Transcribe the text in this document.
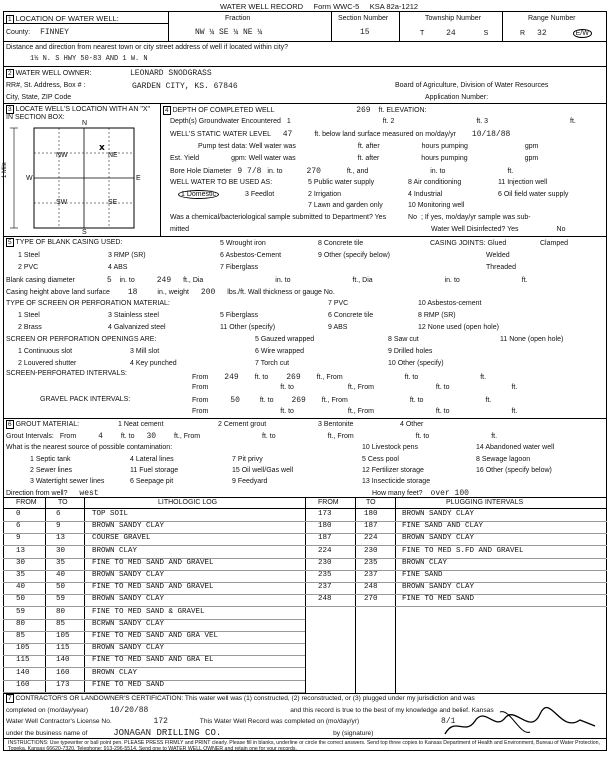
WATER WELL RECORD Form WWC-5 KSA 82a-1212
1 LOCATION OF WATER WELL:
County: FINNEY
Fraction
NW ¼ SE ¼ NE ¼
Section Number
15
Township Number
T	24	S
Range Number
R 32	E/W
Distance and direction from nearest town or city street address of well if located within city?
1½ N. S HWY 50-83 AND 1 W. N
2 WATER WELL OWNER:	LEONARD SNODGRASS
RR#, St. Address, Box # :	GARDEN CITY, KS. 67846
City, State, ZIP Code
Board of Agriculture, Division of Water Resources
Application Number:
3 LOCATE WELL'S LOCATION WITH AN "X" IN SECTION BOX:
x
N
S
W	E
NW	NE
SW	SE
1 Mile
4 DEPTH OF COMPLETED WELL	269 ft. ELEVATION:
Depth(s) Groundwater Encountered 1	ft. 2	ft. 3	ft.
WELL'S STATIC WATER LEVEL 47	ft. below land surface measured on mo/day/yr 10/18/88
Pump test data: Well water was	ft. after	hours pumping	gpm
Est. Yield	gpm: Well water was	ft. after	hours pumping	gpm
Bore Hole Diameter 9 7/8 in. to	270	ft., and	in. to	ft.
WELL WATER TO BE USED AS:	5 Public water supply	8 Air conditioning	11 Injection well
1 Domestic	3 Feedlot	2 Irrigation	4 Industrial	6 Oil field water supply
7 Lawn and garden only	10 Monitoring well
Was a chemical/bacteriological sample submitted to Department? Yes	No ; If yes, mo/day/yr sample was sub-
mitted	Water Well Disinfected? Yes	No
5 TYPE OF BLANK CASING USED:	5 Wrought iron	8 Concrete tile	CASING JOINTS: Glued	Clamped
1 Steel	3 RMP (SR)
2 PVC	4 ABS
6 Asbestos-Cement	9 Other (specify below)
7 Fiberglass
Welded
Threaded
Blank casing diameter	5 in. to	249 ft., Dia	in. to	ft., Dia	in. to	ft.
Casing height above land surface 18	in., weight 200 lbs./ft. Wall thickness or gauge No.
TYPE OF SCREEN OR PERFORATION MATERIAL:	7 PVC	10 Asbestos-cement
1 Steel	3 Stainless steel	5 Fiberglass	6 Concrete tile	8 RMP (SR)
2 Brass	4 Galvanized steel	11 Other (specify)	9 ABS	12 None used (open hole)
SCREEN OR PERFORATION OPENINGS ARE:	5 Gauzed wrapped	8 Saw cut	11 None (open hole)
1 Continuous slot	3 Mill slot	6 Wire wrapped	9 Drilled holes
2 Louvered shutter	4 Key punched	7 Torch cut	10 Other (specify)
SCREEN-PERFORATED INTERVALS:
From 249 ft. to 269 ft., From	ft. to	ft.
From	ft. to	ft., From	ft. to	ft.
GRAVEL PACK INTERVALS:	From	50	ft. to 269 ft., From	ft. to	ft.
From	ft. to	ft., From	ft. to	ft.
6 GROUT MATERIAL:	1 Neat cement	2 Cement grout	3 Bentonite	4 Other
Grout Intervals: From	4	ft. to 30	ft., From	ft. to	ft., From	ft. to	ft.
What is the nearest source of possible contamination:	10 Livestock pens	14 Abandoned water well
1 Septic tank	4 Lateral lines	7 Pit privy	5 Cess pool	8 Sewage lagoon
2 Sewer lines	11 Fuel storage	15 Oil well/Gas well	12 Fertilizer storage	16 Other (specify below)
3 Watertight sewer lines	6 Seepage pit	9 Feedyard	13 Insecticide storage
Direction from well? west	How many feet? over 100
FROM	TO	LITHOLOGIC LOG	FROM	TO	PLUGGING INTERVALS
0	6	TOP SOIL
6	9	BROWN SANDY CLAY
9	13	COURSE GRAVEL
13	30	BROWN CLAY
30	35	FINE TO MED SAND AND GRAVEL
35	40	BROWN SANDY CLAY
40	50	FINE TO MED SAND AND GRAVEL
50	59	BROWN SANDY CLAY
59	80	FINE TO MED SAND & GRAVEL
80	85	BCRWN SANDY CLAY
85	105	FINE TO MED SAND AND GRA VEL
105	115	BROWN SANDY CLAY
115	140	FINE TO MED SAND AND GRA EL
140	160	BROWN CLAY
160	173	FINE TO MED SAND
173	180	BROWN SANDY CLAY
180	187	FINE SAND AND CLAY
187	224	BROWN SANDY CLAY
224	230	FINE TO MED S.FD AND GRAVEL
230	235	BROWN CLAY
235	237	FINE SAND
237	248	BROWN SANDY CLAY
248	270	FINE TO MED SAND
7 CONTRACTOR'S OR LANDOWNER'S CERTIFICATION: This water well was (1) constructed, (2) reconstructed, or (3) plugged under my jurisdiction and was
completed on (mo/day/year)	10/20/88	and this record is true to the best of my knowledge and belief. Kansas
Water Well Contractor's License No.	172	This Water Well Record was completed on (mo/day/yr)	8/1
under the business name of	JONAGAN DRILLING CO.	by (signature)
INSTRUCTIONS: Use typewriter or ball point pen. PLEASE PRESS FIRMLY and PRINT clearly. Please fill in blanks, underline or circle the correct answers. Send top three copies to Kansas Department of Health and Environment, Bureau of Water Protection, Topeka, Kansas 66620-7320. Telephone: 913-296-5514. Send one to WATER WELL OWNER and retain one for your records.
